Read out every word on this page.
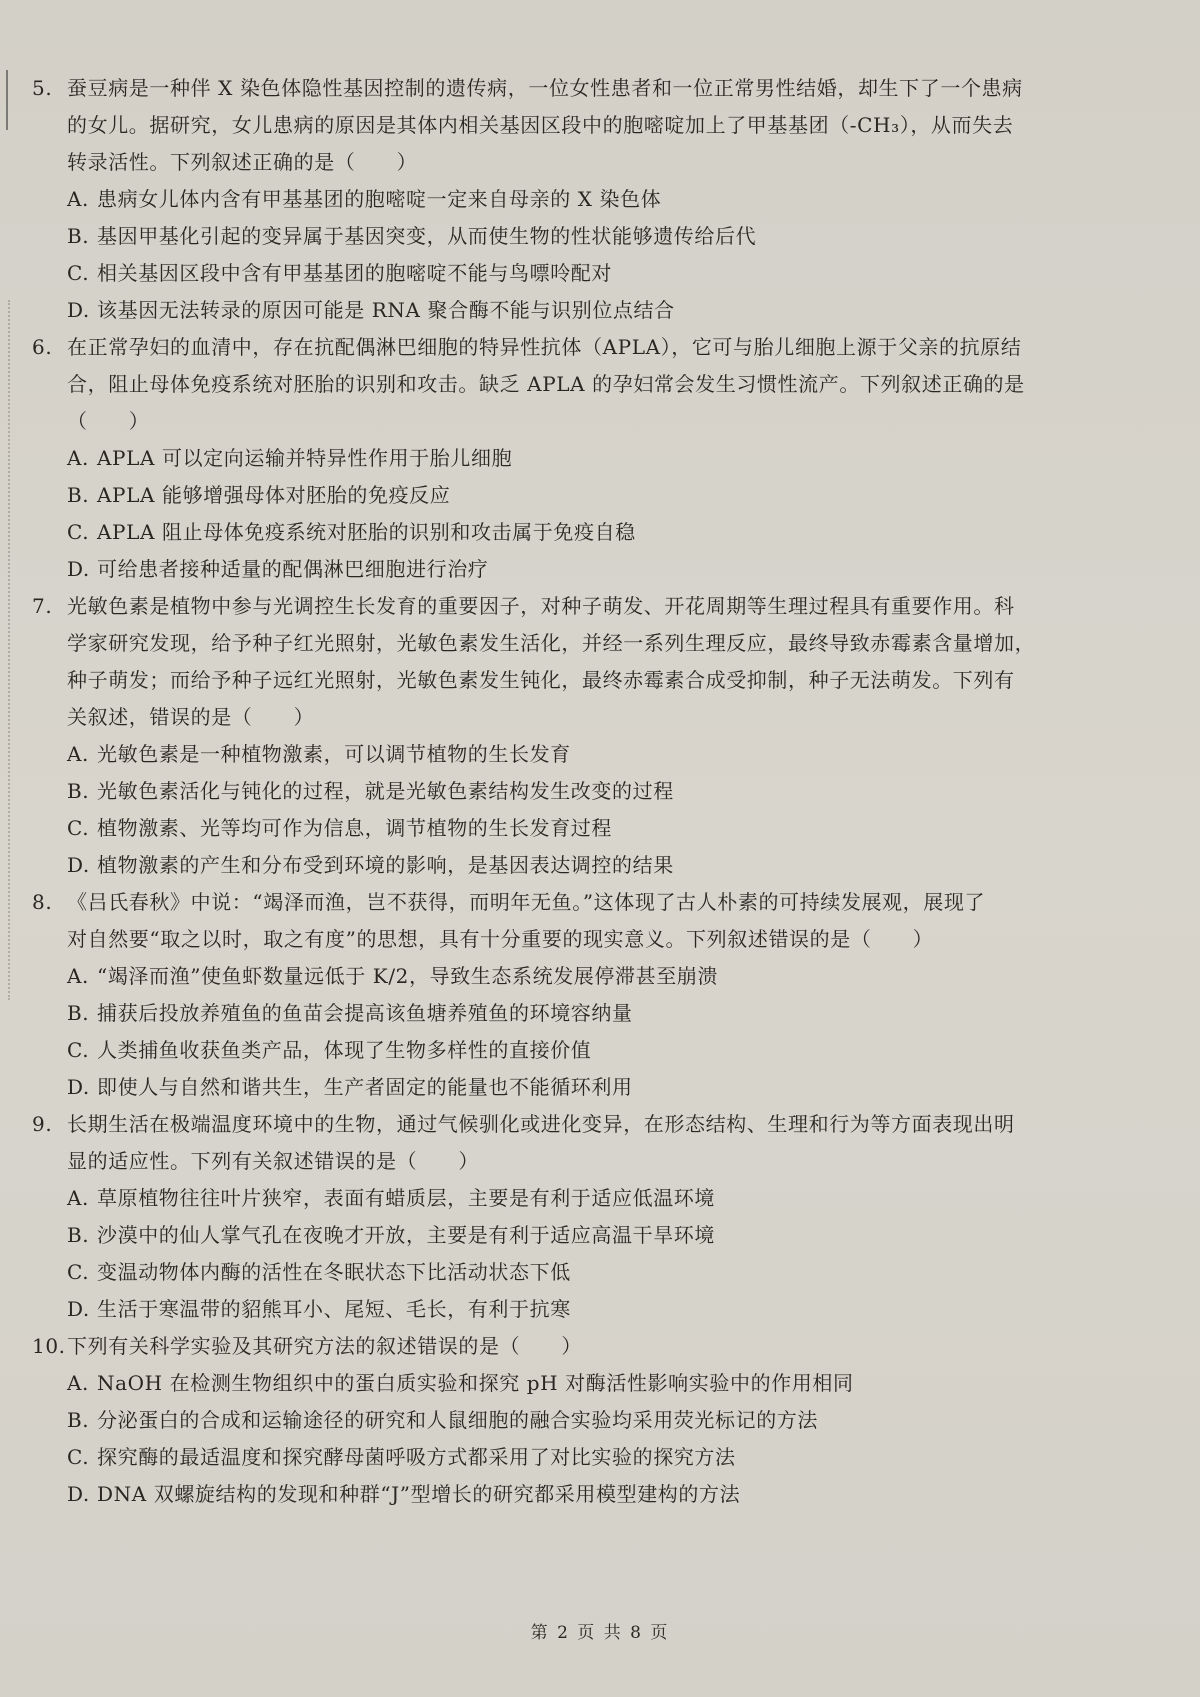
5. 蚕豆病是一种伴 X 染色体隐性基因控制的遗传病，一位女性患者和一位正常男性结婚，却生下了一个患病
的女儿。据研究，女儿患病的原因是其体内相关基因区段中的胞嘧啶加上了甲基基团（-CH₃），从而失去
转录活性。下列叙述正确的是（　　）
A. 患病女儿体内含有甲基基团的胞嘧啶一定来自母亲的 X 染色体
B. 基因甲基化引起的变异属于基因突变，从而使生物的性状能够遗传给后代
C. 相关基因区段中含有甲基基团的胞嘧啶不能与鸟嘌呤配对
D. 该基因无法转录的原因可能是 RNA 聚合酶不能与识别位点结合
6. 在正常孕妇的血清中，存在抗配偶淋巴细胞的特异性抗体（APLA），它可与胎儿细胞上源于父亲的抗原结
合，阻止母体免疫系统对胚胎的识别和攻击。缺乏 APLA 的孕妇常会发生习惯性流产。下列叙述正确的是
（　　）
A. APLA 可以定向运输并特异性作用于胎儿细胞
B. APLA 能够增强母体对胚胎的免疫反应
C. APLA 阻止母体免疫系统对胚胎的识别和攻击属于免疫自稳
D. 可给患者接种适量的配偶淋巴细胞进行治疗
7. 光敏色素是植物中参与光调控生长发育的重要因子，对种子萌发、开花周期等生理过程具有重要作用。科
学家研究发现，给予种子红光照射，光敏色素发生活化，并经一系列生理反应，最终导致赤霉素含量增加，
种子萌发；而给予种子远红光照射，光敏色素发生钝化，最终赤霉素合成受抑制，种子无法萌发。下列有
关叙述，错误的是（　　）
A. 光敏色素是一种植物激素，可以调节植物的生长发育
B. 光敏色素活化与钝化的过程，就是光敏色素结构发生改变的过程
C. 植物激素、光等均可作为信息，调节植物的生长发育过程
D. 植物激素的产生和分布受到环境的影响，是基因表达调控的结果
8. 《吕氏春秋》中说：“竭泽而渔，岂不获得，而明年无鱼。”这体现了古人朴素的可持续发展观，展现了
对自然要“取之以时，取之有度”的思想，具有十分重要的现实意义。下列叙述错误的是（　　）
A. “竭泽而渔”使鱼虾数量远低于 K/2，导致生态系统发展停滞甚至崩溃
B. 捕获后投放养殖鱼的鱼苗会提高该鱼塘养殖鱼的环境容纳量
C. 人类捕鱼收获鱼类产品，体现了生物多样性的直接价值
D. 即使人与自然和谐共生，生产者固定的能量也不能循环利用
9. 长期生活在极端温度环境中的生物，通过气候驯化或进化变异，在形态结构、生理和行为等方面表现出明
显的适应性。下列有关叙述错误的是（　　）
A. 草原植物往往叶片狭窄，表面有蜡质层，主要是有利于适应低温环境
B. 沙漠中的仙人掌气孔在夜晚才开放，主要是有利于适应高温干旱环境
C. 变温动物体内酶的活性在冬眠状态下比活动状态下低
D. 生活于寒温带的貂熊耳小、尾短、毛长，有利于抗寒
10.下列有关科学实验及其研究方法的叙述错误的是（　　）
A. NaOH 在检测生物组织中的蛋白质实验和探究 pH 对酶活性影响实验中的作用相同
B. 分泌蛋白的合成和运输途径的研究和人鼠细胞的融合实验均采用荧光标记的方法
C. 探究酶的最适温度和探究酵母菌呼吸方式都采用了对比实验的探究方法
D. DNA 双螺旋结构的发现和种群“J”型增长的研究都采用模型建构的方法
第 2 页 共 8 页
